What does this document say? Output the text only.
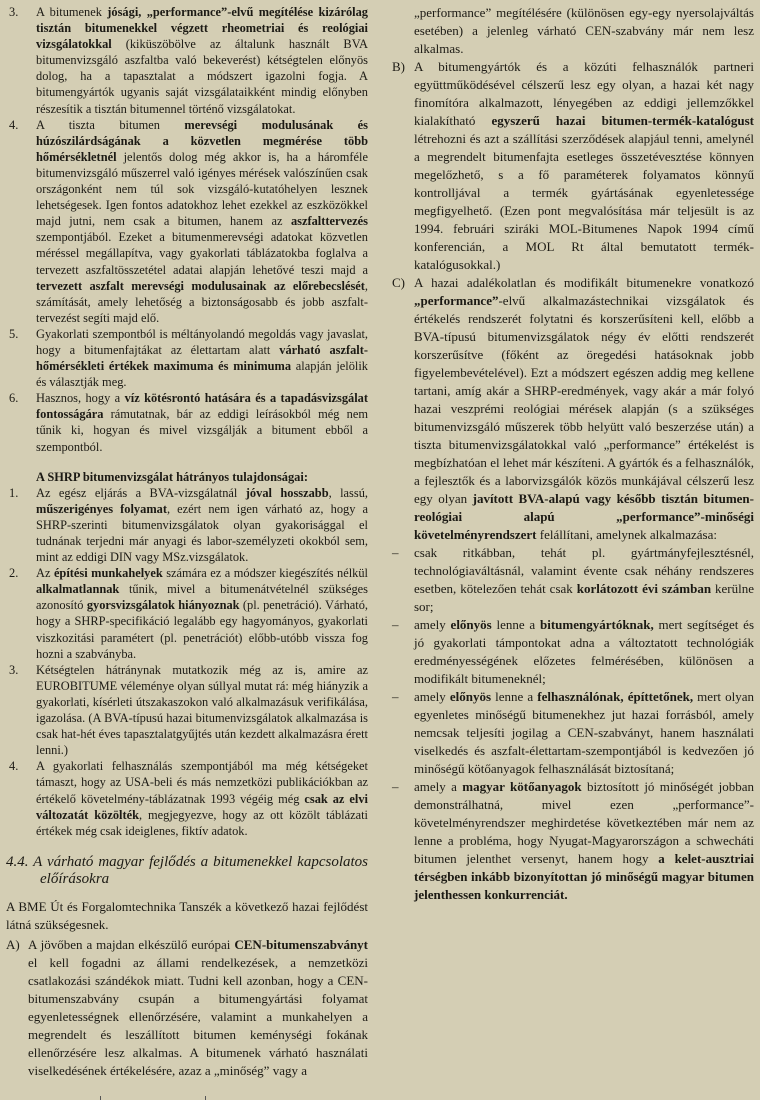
3.	A bitumenek jósági, „performance”-elvű megítélése kizárólag tisztán bitumenekkel végzett rheometriai és reológiai vizsgálatokkal (kiküszöbölve az általunk használt BVA bitumenvizsgáló aszfaltba való bekeverést) kétségtelen előnyös dolog, ha a tapasztalat a módszert igazolni fogja. A bitumengyártók ugyanis saját vizsgálataikként mindig előnyben részesítik a tisztán bitumennel történő vizsgálatokat.

4.	A tiszta bitumen merevségi modulusának és húzószilárdságának a közvetlen megmérése több hőmérsékletnél jelentős dolog még akkor is, ha a háromféle bitumenvizsgáló műszerrel való igényes mérések valószínűen csak országonként nem túl sok vizsgáló-kutatóhelyen lesznek lehetségesek. Igen fontos adatokhoz lehet ezekkel az eszközökkel majd jutni, nem csak a bitumen, hanem az aszfalttervezés szempontjából. Ezeket a bitumenmerevségi adatokat közvetlen méréssel megállapítva, vagy gyakorlati táblázatokba foglalva a tervezett aszfaltösszetétel adatai alapján lehetővé teszi majd a tervezett aszfalt merevségi modulusainak az előrebecslését, számítását, amely lehetőség a biztonságosabb és jobb aszfalt-tervezést segíti majd elő.

5.	Gyakorlati szempontból is méltányolandó megoldás vagy javaslat, hogy a bitumenfajtákat az élettartam alatt várható aszfalt-hőmérsékleti értékek maximuma és minimuma alapján jelölik és választják meg.

6.	Hasznos, hogy a víz kötésrontó hatására és a tapadásvizsgálat fontosságára rámutatnak, bár az eddigi leírásokból még nem tűnik ki, hogyan és mivel vizsgálják a bitument ebből a szempontból.

A SHRP bitumenvizsgálat hátrányos tulajdonságai:

1.	Az egész eljárás a BVA-vizsgálatnál jóval hosszabb, lassú, műszerigényes folyamat, ezért nem igen várható az, hogy a SHRP-szerinti bitumenvizsgálatok olyan gyakorisággal el tudnának terjedni már anyagi és labor-személyzeti okokból sem, mint az eddigi DIN vagy MSz.vizsgálatok.

2.	Az építési munkahelyek számára ez a módszer kiegészítés nélkül alkalmatlannak tűnik, mivel a bitumenátvételnél szükséges azonosító gyorsvizsgálatok hiányoznak (pl. penetráció). Várható, hogy a SHRP-specifikáció legalább egy hagyományos, gyakorlati viszkozitási paramétert (pl. penetrációt) előbb-utóbb vissza fog hozni a szabványba.

3.	Kétségtelen hátránynak mutatkozik még az is, amire az EUROBITUME véleménye olyan súllyal mutat rá: még hiányzik a gyakorlati, kísérleti útszakaszokon való alkalmazásuk verifikálása, igazolása. (A BVA-típusú hazai bitumenvizsgálatok alkalmazása is csak hat-hét éves tapasztalatgyűjtés után kezdett alkalmazásra érett lenni.)

4.	A gyakorlati felhasználás szempontjából ma még kétségeket támaszt, hogy az USA-beli és más nemzetközi publikációkban az értékelő követelmény-táblázatnak 1993 végéig még csak az elvi változatát közölték, megjegyezve, hogy az ott közölt táblázati értékek még csak ideiglenes, fiktív adatok.

4.4. A várható magyar fejlődés a bitumenekkel kapcsolatos előírásokra

A BME Út és Forgalomtechnika Tanszék a következő hazai fejlődést látná szükségesnek.

A) A jövőben a majdan elkészülő európai CEN-bitumenszabványt el kell fogadni az állami rendelkezések, a nemzetközi csatlakozási szándékok miatt. Tudni kell azonban, hogy a CEN-bitumenszabvány csupán a bitumengyártási folyamat egyenletességnek ellenőrzésére, valamint a munkahelyen a megrendelt és leszállított bitumen keménységi fokának ellenőrzésére lesz alkalmas. A bitumenek várható használati viselkedésének értékelésére, azaz a „minőség” vagy a

„performance” megítélésére (különösen egy-egy nyersolajváltás esetében) a jelenleg várható CEN-szabvány már nem lesz alkalmas.

B) A bitumengyártók és a közúti felhasználók partneri együttműködésével célszerű lesz egy olyan, a hazai két nagy finomítóra alkalmazott, lényegében az eddigi jellemzőkkel kialakítható egyszerű hazai bitumen-termék-katalógust létrehozni és azt a szállítási szerződések alapjául tenni, amelynél a megrendelt bitumenfajta esetleges összetévesztése könnyen megelőzhető, s a fő paraméterek folyamatos könnyű kontrolljával a termék gyártásának egyenletessége megfigyelhető. (Ezen pont megvalósítása már teljesült is az 1994. februári sziráki MOL-Bitumenes Napok 1994 című konferencián, a MOL Rt által bemutatott termék-katalógusokkal.)

C) A hazai adalékolatlan és modifikált bitumenekre vonatkozó „performance”-elvű alkalmazástechnikai vizsgálatok és értékelés rendszerét folytatni és korszerűsíteni kell, előbb a BVA-típusú bitumenvizsgálatok négy év előtti rendszerét korszerűsítve (főként az öregedési hatásoknak jobb figyelembevételével). Ezt a módszert egészen addig meg kellene tartani, amíg akár a SHRP-eredmények, vagy akár a már folyó hazai veszprémi reológiai mérések alapján (s a szükséges bitumenvizsgáló műszerek több helyütt való beszerzése után) a tiszta bitumenvizsgálatokkal való „performance” értékelést is megbízhatóan el lehet már készíteni. A gyártók és a felhasználók, a fejlesztők és a laborvizsgálók közös munkájával célszerű lesz egy olyan javított BVA-alapú vagy később tisztán bitumen-reológiai alapú „performance”-minőségi követelményrendszert felállítani, amelynek alkalmazása:

– csak ritkábban, tehát pl. gyártmányfejlesztésnél, technológiaváltásnál, valamint évente csak néhány rendszeres esetben, kötelezően tehát csak korlátozott évi számban kerülne sor;

– amely előnyös lenne a bitumengyártóknak, mert segítséget és jó gyakorlati támpontokat adna a változtatott technológiák eredményességének előzetes felmérésében, különösen a modifikált bitumeneknél;

– amely előnyös lenne a felhasználónak, építtetőnek, mert olyan egyenletes minőségű bitumenekhez jut hazai forrásból, amely nemcsak teljesíti jogilag a CEN-szabványt, hanem használati viselkedés és aszfalt-élettartam-szempontjából is kedvezően jó minőségű kötőanyagok felhasználását biztosítaná;

– amely a magyar kötőanyagok biztosított jó minőségét jobban demonstrálhatná, mivel ezen „performance”-követelményrendszer meghirdetése következtében már nem az lenne a probléma, hogy Nyugat-Magyarországon a schwecháti bitumen jelenthet versenyt, hanem hogy a kelet-ausztriai térségben inkább bizonyítottan jó minőségű magyar bitumen jelenthessen konkurrenciát.
